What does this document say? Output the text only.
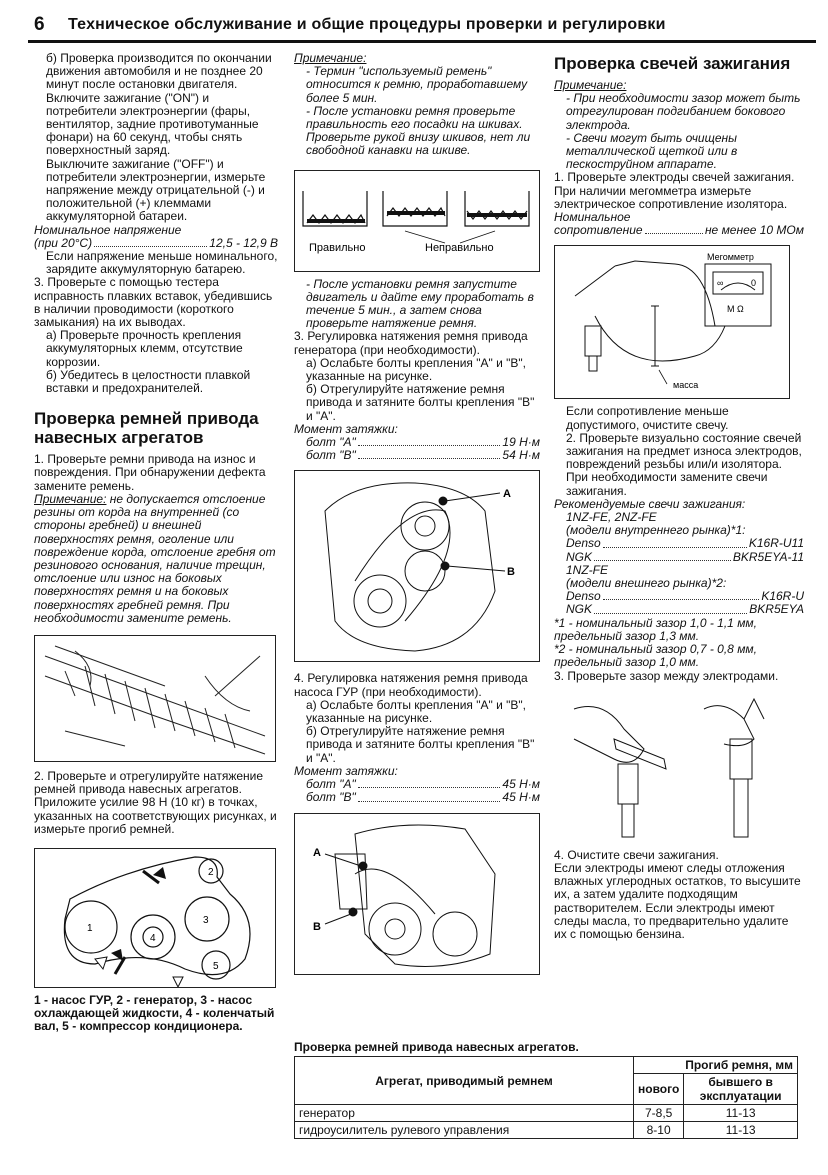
6 Техническое обслуживание и общие процедуры проверки и регулировки

б) Проверка производится по окончании движения автомобиля и не позднее 20 минут после остановки двигателя.

Включите зажигание ("ON") и потребители электроэнергии (фары, вентилятор, задние противотуманные фонари) на 60 секунд, чтобы снять поверхностный заряд.

Выключите зажигание ("OFF") и потребители электроэнергии, измерьте напряжение между отрицательной (-) и положительной (+) клеммами аккумуляторной батареи.

Номинальное напряжение

(при 20°С)	12,5 - 12,9 В

Если напряжение меньше номинального, зарядите аккумуляторную батарею.

3. Проверьте с помощью тестера исправность плавких вставок, убедившись в наличии проводимости (короткого замыкания) на их выводах.

а) Проверьте прочность крепления аккумуляторных клемм, отсутствие коррозии.

б) Убедитесь в целостности плавкой вставки и предохранителей.

Проверка ремней привода навесных агрегатов

1. Проверьте ремни привода на износ и повреждения. При обнаружении дефекта замените ремень.

Примечание: не допускается отслоение резины от корда на внутренней (со стороны гребней) и внешней поверхностях ремня, оголение или повреждение корда, отслоение гребня от резинового основания, наличие трещин, отслоение или износ на боковых поверхностях ремня и на боковых поверхностях гребней ремня. При необходимости замените ремень.

2. Проверьте и отрегулируйте натяжение ремней привода навесных агрегатов. Приложите усилие 98 Н (10 кг) в точках, указанных на соответствующих рисунках, и измерьте прогиб ремней.

1
2
3
4
5

1 - насос ГУР, 2 - генератор, 3 - насос охлаждающей жидкости, 4 - коленчатый вал, 5 - компрессор кондиционера.

Примечание:

- Термин "используемый ремень" относится к ремню, проработавшему более 5 мин.

- После установки ремня проверьте правильность его посадки на шкивах. Проверьте рукой внизу шкивов, нет ли свободной канавки на шкиве.

Правильно	Неправильно

- После установки ремня запустите двигатель и дайте ему проработать в течение 5 мин., а затем снова проверьте натяжение ремня.

3. Регулировка натяжения ремня привода генератора (при необходимости).

а) Ослабьте болты крепления "А" и "В", указанные на рисунке.

б) Отрегулируйте натяжение ремня привода и затяните болты крепления "В" и "А".

Момент затяжки:

болт "А"	19 Н·м
болт "В"	54 Н·м
A
B

4. Регулировка натяжения ремня привода насоса ГУР (при необходимости).

а) Ослабьте болты крепления "А" и "В", указанные на рисунке.

б) Отрегулируйте натяжение ремня привода и затяните болты крепления "В" и "А".

Момент затяжки:

болт "А"	45 Н·м
болт "В"	45 Н·м
A
B
Проверка свечей зажигания

Примечание:

- При необходимости зазор может быть отрегулирован подгибанием бокового электрода.

- Свечи могут быть очищены металлической щеткой или в пескоструйном аппарате.

1. Проверьте электроды свечей зажигания. При наличии мегомметра измерьте электрическое сопротивление изолятора.

Номинальное

сопротивление	не менее 10 МОм
Мегомметр
∞	0
М Ω
масса

Если сопротивление меньше допустимого, очистите свечу.

2. Проверьте визуально состояние свечей зажигания на предмет износа электродов, повреждений резьбы или/и изолятора. При необходимости замените свечи зажигания.

Рекомендуемые свечи зажигания:

1NZ-FE, 2NZ-FE

(модели внутреннего рынка)*1:

Denso	K16R-U11
NGK	BKR5EYA-11

1NZ-FE

(модели внешнего рынка)*2:

Denso	K16R-U
NGK	BKR5EYA

*1 - номинальный зазор 1,0 - 1,1 мм, предельный зазор 1,3 мм.

*2 - номинальный зазор 0,7 - 0,8 мм, предельный зазор 1,0 мм.

3. Проверьте зазор между электродами.

4. Очистите свечи зажигания.

Если электроды имеют следы отложения влажных углеродных остатков, то высушите их, а затем удалите подходящим растворителем. Если электроды имеют следы масла, то предварительно удалите их с помощью бензина.

Проверка ремней привода навесных агрегатов.
Агрегат, приводимый ремнем	Прогиб ремня, мм	
	нового	бывшего в эксплуатации
генератор	7-8,5	11-13
гидроусилитель рулевого управления	8-10	11-13
